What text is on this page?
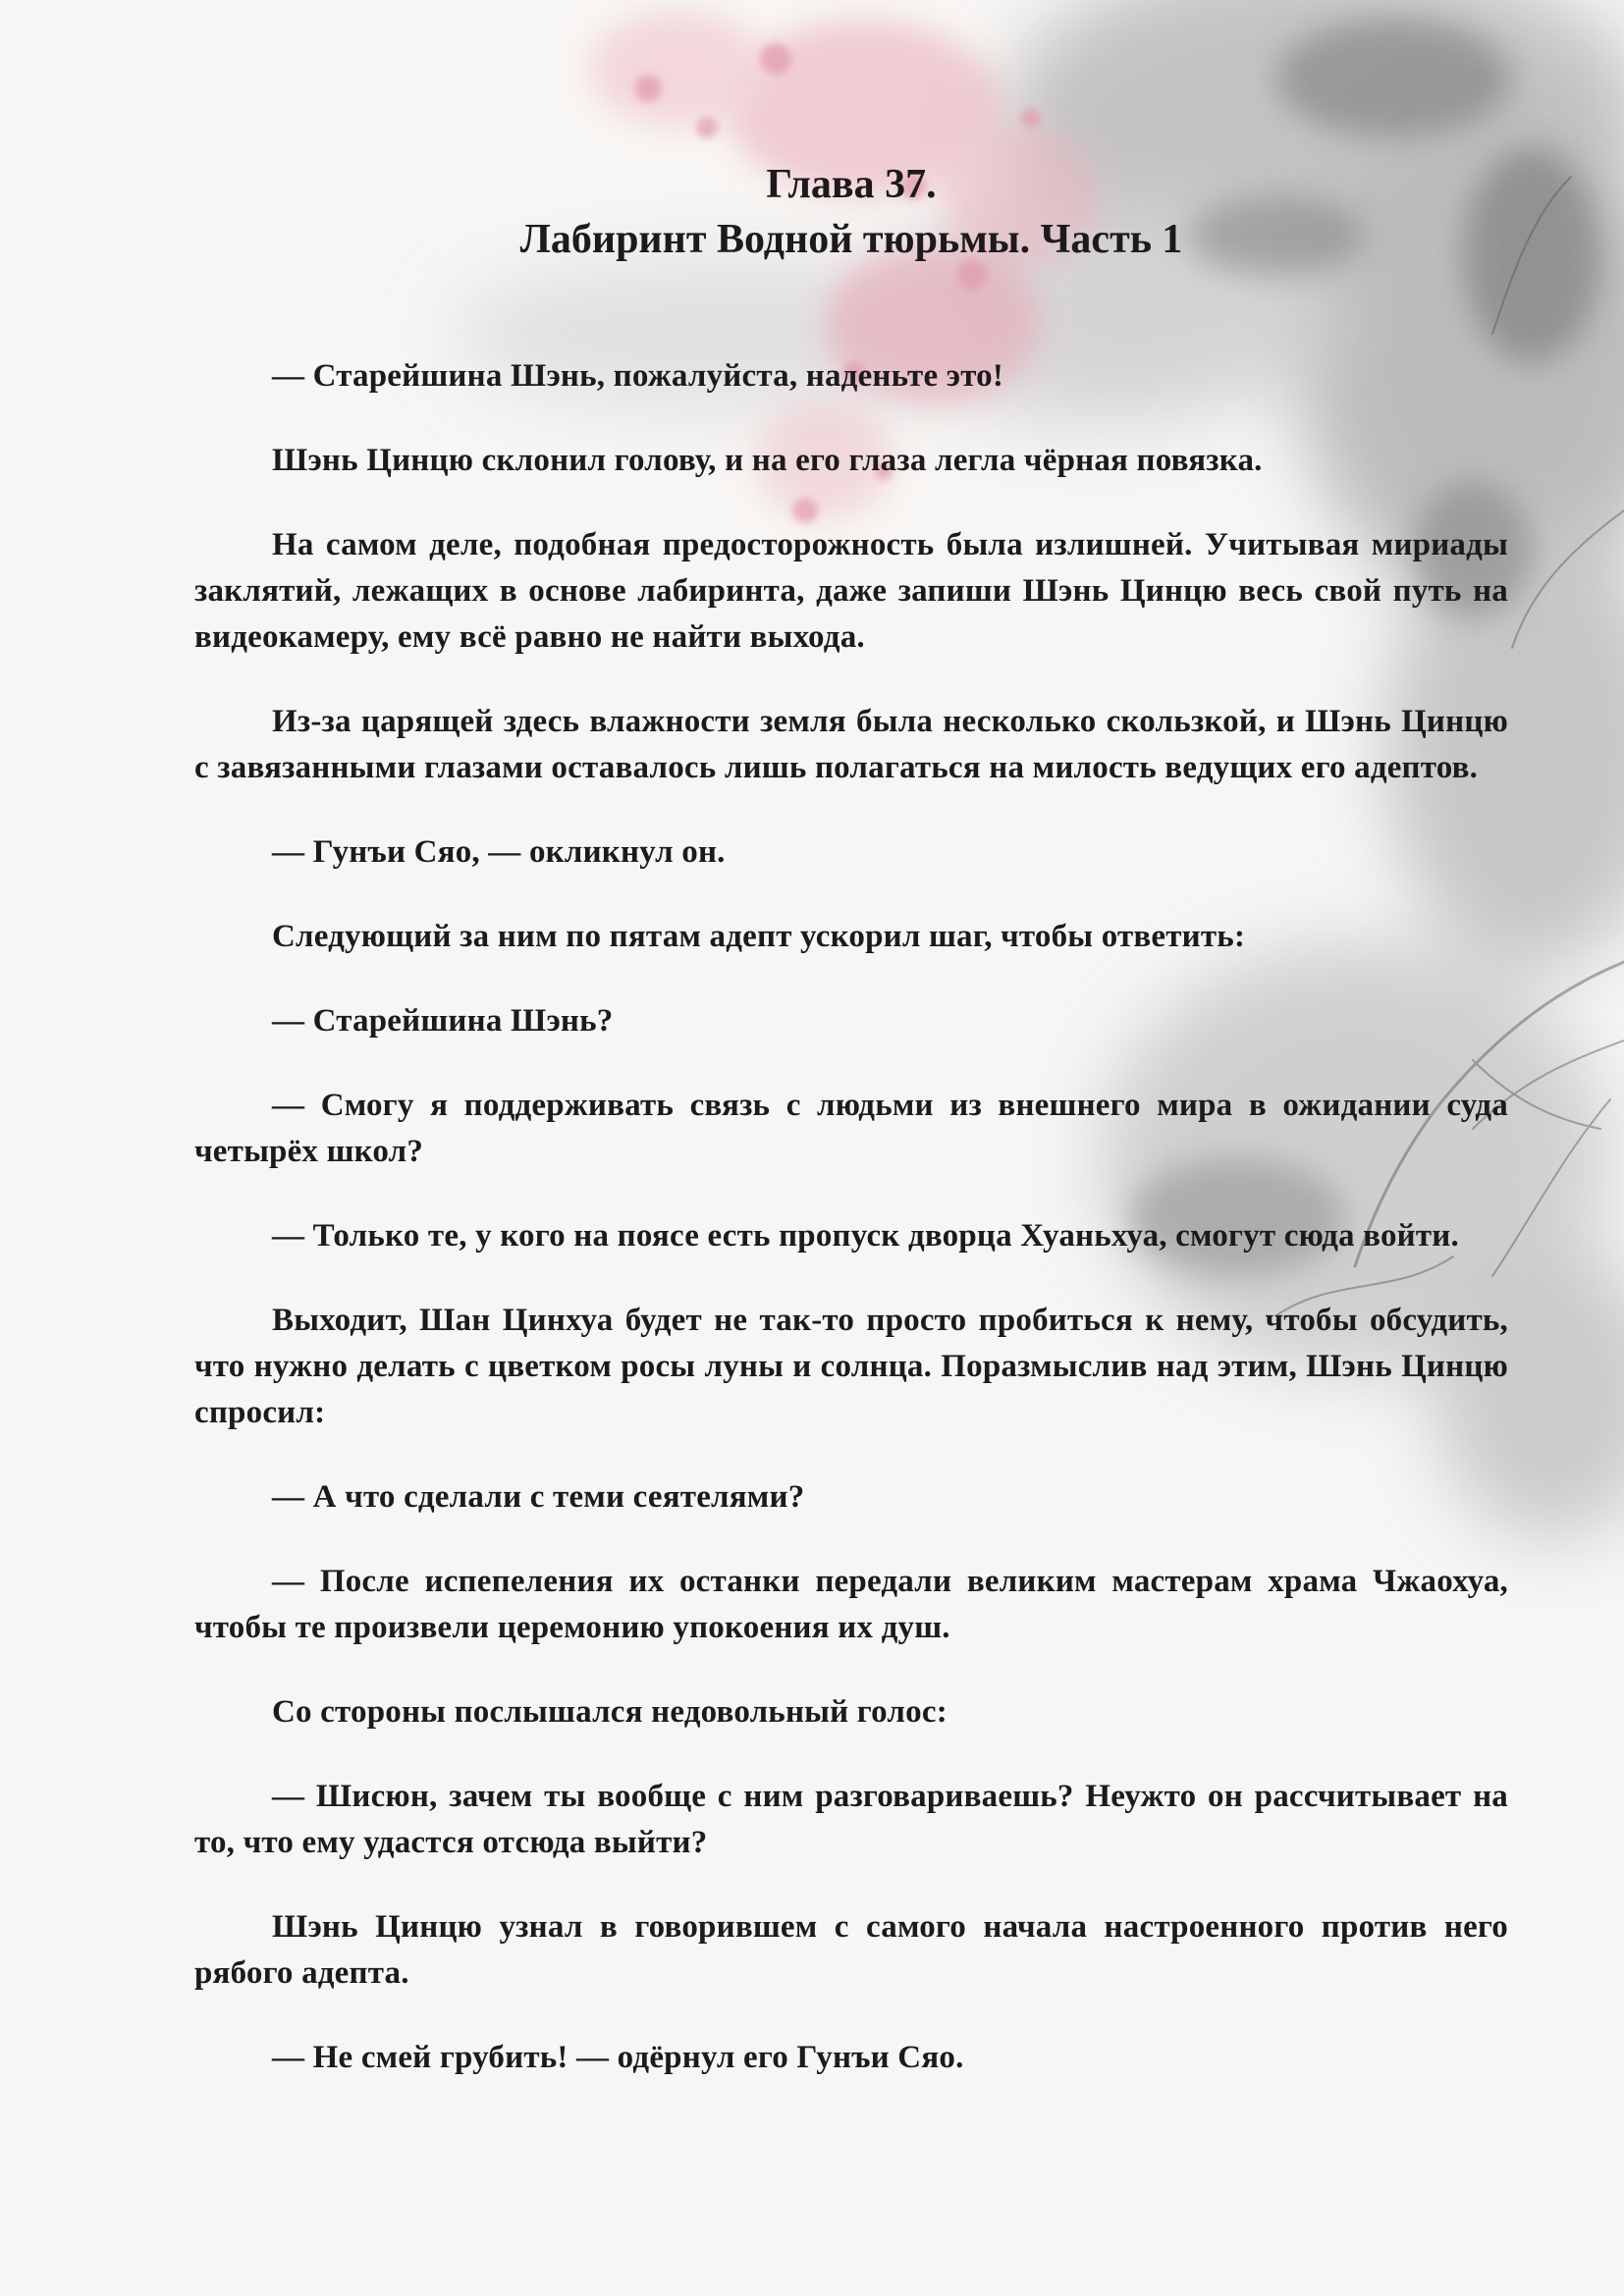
Глава 37.
Лабиринт Водной тюрьмы. Часть 1

— Старейшина Шэнь, пожалуйста, наденьте это!

Шэнь Цинцю склонил голову, и на его глаза легла чёрная повязка.

На самом деле, подобная предосторожность была излишней. Учитывая мириады заклятий, лежащих в основе лабиринта, даже запиши Шэнь Цинцю весь свой путь на видеокамеру, ему всё равно не найти выхода.

Из-за царящей здесь влажности земля была несколько скользкой, и Шэнь Цинцю с завязанными глазами оставалось лишь полагаться на милость ведущих его адептов.

— Гунъи Сяо, — окликнул он.

Следующий за ним по пятам адепт ускорил шаг, чтобы ответить:

— Старейшина Шэнь?

— Смогу я поддерживать связь с людьми из внешнего мира в ожидании суда четырёх школ?

— Только те, у кого на поясе есть пропуск дворца Хуаньхуа, смогут сюда войти.

Выходит, Шан Цинхуа будет не так-то просто пробиться к нему, чтобы обсудить, что нужно делать с цветком росы луны и солнца. Поразмыслив над этим, Шэнь Цинцю спросил:

— А что сделали с теми сеятелями?

— После испепеления их останки передали великим мастерам храма Чжаохуа, чтобы те произвели церемонию упокоения их душ.

Со стороны послышался недовольный голос:

— Шисюн, зачем ты вообще с ним разговариваешь? Неужто он рассчитывает на то, что ему удастся отсюда выйти?

Шэнь Цинцю узнал в говорившем с самого начала настроенного против него рябого адепта.

— Не смей грубить! — одёрнул его Гунъи Сяо.
